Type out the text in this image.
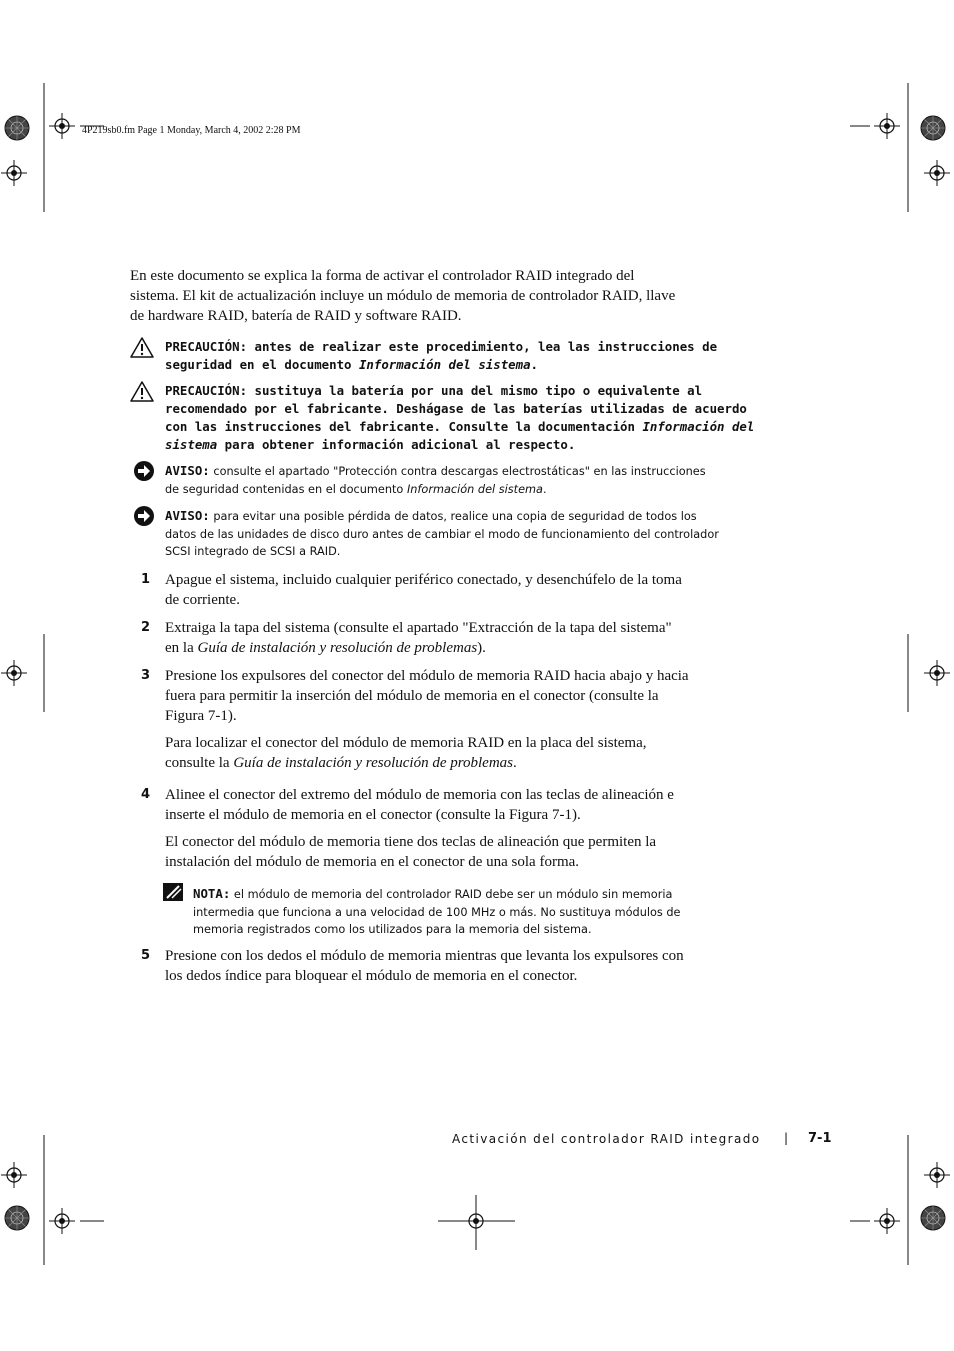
4P219sb0.fm Page 1 Monday, March 4, 2002 2:28 PM
En este documento se explica la forma de activar el controlador RAID integrado del
sistema. El kit de actualización incluye un módulo de memoria de controlador RAID, llave
de hardware RAID, batería de RAID y software RAID.
PRECAUCIÓN: antes de realizar este procedimiento, lea las instrucciones de
seguridad en el documento Información del sistema.
PRECAUCIÓN: sustituya la batería por una del mismo tipo o equivalente al
recomendado por el fabricante. Deshágase de las baterías utilizadas de acuerdo
con las instrucciones del fabricante. Consulte la documentación Información del
sistema para obtener información adicional al respecto.
AVISO: consulte el apartado "Protección contra descargas electrostáticas" en las instrucciones
de seguridad contenidas en el documento Información del sistema.
AVISO: para evitar una posible pérdida de datos, realice una copia de seguridad de todos los
datos de las unidades de disco duro antes de cambiar el modo de funcionamiento del controlador
SCSI integrado de SCSI a RAID.
1 Apague el sistema, incluido cualquier periférico conectado, y desenchúfelo de la toma
de corriente.
2 Extraiga la tapa del sistema (consulte el apartado "Extracción de la tapa del sistema"
en la Guía de instalación y resolución de problemas).
3 Presione los expulsores del conector del módulo de memoria RAID hacia abajo y hacia
fuera para permitir la inserción del módulo de memoria en el conector (consulte la
Figura 7-1).
Para localizar el conector del módulo de memoria RAID en la placa del sistema,
consulte la Guía de instalación y resolución de problemas.
4 Alinee el conector del extremo del módulo de memoria con las teclas de alineación e
inserte el módulo de memoria en el conector (consulte la Figura 7-1).
El conector del módulo de memoria tiene dos teclas de alineación que permiten la
instalación del módulo de memoria en el conector de una sola forma.
NOTA: el módulo de memoria del controlador RAID debe ser un módulo sin memoria
intermedia que funciona a una velocidad de 100 MHz o más. No sustituya módulos de
memoria registrados como los utilizados para la memoria del sistema.
5 Presione con los dedos el módulo de memoria mientras que levanta los expulsores con
los dedos índice para bloquear el módulo de memoria en el conector.
Activación del controlador RAID integrado | 7-1
